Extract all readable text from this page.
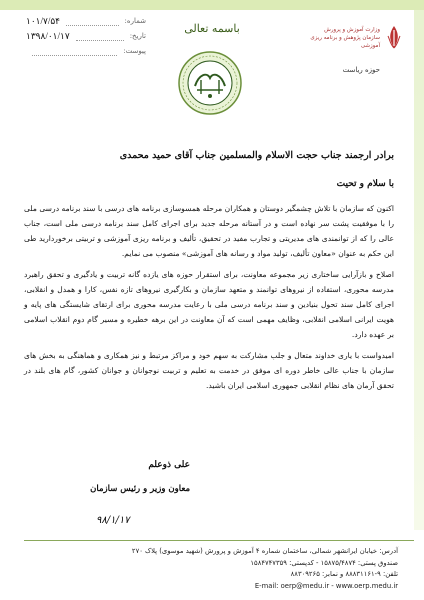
شماره:
۱۰۱/۷/۵۴
تاریخ:
۱۳۹۸/۰۱/۱۷
پیوست:
باسمه تعالی	وزارت آموزش و پرورش
سازمان پژوهش و برنامه ریزی
آموزشی
حوزه ریاست
برادر ارجمند جناب حجت الاسلام والمسلمین جناب آقای حمید محمدی
با سلام و تحیت
اکنون که سازمان با تلاش چشمگیر دوستان و همکاران مرحله همسوسازی برنامه های درسی با سند برنامه درسی ملی را با موفقیت پشت سر نهاده است و در آستانه مرحله جدید برای اجرای کامل سند برنامه درسی ملی است، جناب عالی را که از توانمندی های مدیریتی و تجارب مفید در تحقیق، تألیف و برنامه ریزی آموزشی و تربیتی برخوردارید طی این حکم به عنوان «معاون تألیف، تولید مواد و رسانه های آموزشی» منصوب می نمایم.
اصلاح و بازآرایی ساختاری زیر مجموعه معاونت، برای استقرار حوزه های یازده گانه تربیت و یادگیری و تحقق راهبرد مدرسه محوری، استفاده از نیروهای توانمند و متعهد سازمان و بکارگیری نیروهای تازه نفس، کارا و همدل و انقلابی، اجرای کامل سند تحول بنیادین و سند برنامه درسی ملی با رعایت مدرسه محوری برای ارتقای شایستگی های پایه و هویت ایرانی اسلامی انقلابی، وظایف مهمی است که آن معاونت در این برهه خطیره و مسیر گام دوم انقلاب اسلامی بر عهده دارد.
امیدواست با یاری خداوند متعال و جلب مشارکت به سهم خود و مراکز مرتبط و نیز همکاری و هماهنگی به بخش های سازمان با جناب عالی خاطر دوره ای موفق در خدمت به تعلیم و تربیت نوجوانان و جوانان کشور، گام های بلند در تحقق آرمان های نظام انقلابی جمهوری اسلامی ایران باشید.
علی ذوعلم
معاون وزیر و رئیس سازمان
۹۸/۱/۱۷
آدرس: خیابان ایرانشهر شمالی، ساختمان شماره ۴ آموزش و پرورش (شهید موسوی) پلاک ۲۷۰
صندوق پستی: ۱۵۸۷۵/۴۸۷۴ - کدپستی: ۱۵۸۴۷۴۷۳۵۹
تلفن: ۹-۸۸۸۳۱۱۶۱ و نمابر: ۸۸۳۰۹۲۶۵
E-mail: oerp@medu.ir - www.oerp.medu.ir
